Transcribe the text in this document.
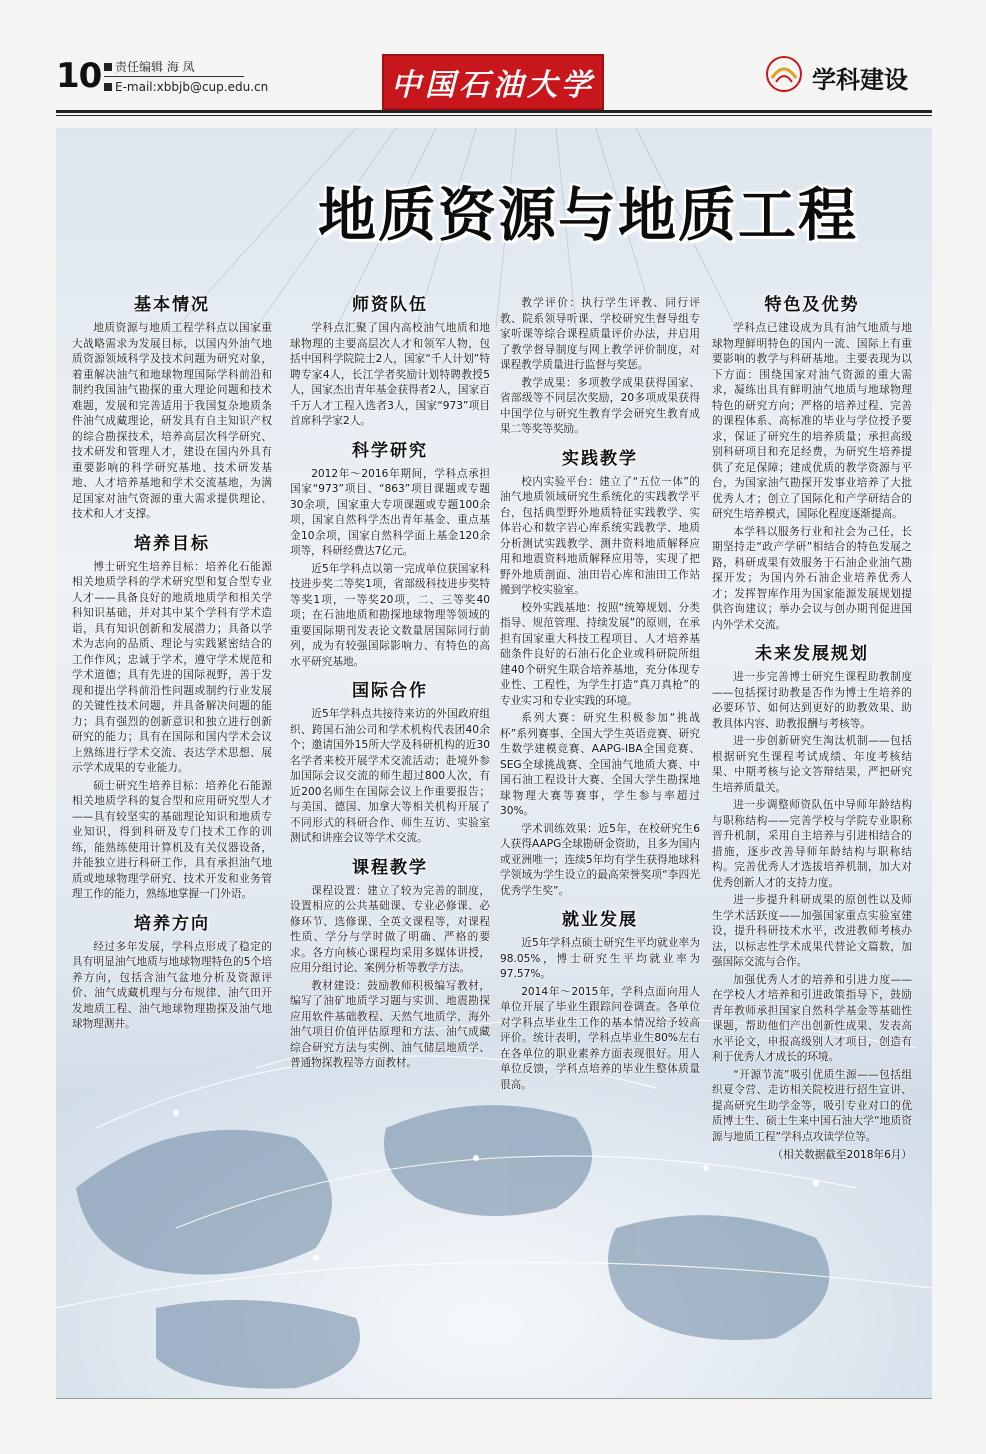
10	责任编辑 海 凤
E-mail:xbbjb@cup.edu.cn	中国石油大学	学科建设
地质资源与地质工程
基本情况

地质资源与地质工程学科点以国家重大战略需求为发展目标，以国内外油气地质资源领域科学及技术问题为研究对象，着重解决油气和地球物理国际学科前沿和制约我国油气勘探的重大理论问题和技术难题，发展和完善适用于我国复杂地质条件油气成藏理论，研发具有自主知识产权的综合勘探技术，培养高层次科学研究、技术研发和管理人才，建设在国内外具有重要影响的科学研究基地、技术研发基地、人才培养基地和学术交流基地，为满足国家对油气资源的重大需求提供理论、技术和人才支撑。

培养目标

博士研究生培养目标：培养化石能源相关地质学科的学术研究型和复合型专业人才——具备良好的地质地质学和相关学科知识基础，并对其中某个学科有学术造诣，具有知识创新和发展潜力；具备以学术为志向的品质、理论与实践紧密结合的工作作风；忠诚于学术，遵守学术规范和学术道德；具有先进的国际视野，善于发现和提出学科前沿性问题或制约行业发展的关键性技术问题，并具备解决问题的能力；具有强烈的创新意识和独立进行创新研究的能力；具有在国际和国内学术会议上熟练进行学术交流、表达学术思想、展示学术成果的专业能力。

硕士研究生培养目标：培养化石能源相关地质学科的复合型和应用研究型人才——具有较坚实的基础理论知识和地质专业知识，得到科研及专门技术工作的训练，能熟练使用计算机及有关仪器设备，并能独立进行科研工作，具有承担油气地质或地球物理学研究、技术开发和业务管理工作的能力，熟练地掌握一门外语。

培养方向

经过多年发展，学科点形成了稳定的具有明显油气地质与地球物理特色的5个培养方向，包括含油气盆地分析及资源评价、油气成藏机理与分布规律、油气田开发地质工程、油气地球物理勘探及油气地球物理测井。

师资队伍

学科点汇聚了国内高校油气地质和地球物理的主要高层次人才和领军人物，包括中国科学院院士2人，国家“千人计划”特聘专家4人，长江学者奖励计划特聘教授5人，国家杰出青年基金获得者2人，国家百千万人才工程入选者3人，国家“973”项目首席科学家2人。

科学研究

2012年～2016年期间，学科点承担国家“973”项目、“863”项目课题或专题30余项，国家重大专项课题或专题100余项，国家自然科学杰出青年基金、重点基金10余项，国家自然科学面上基金120余项等，科研经费达7亿元。

近5年学科点以第一完成单位获国家科技进步奖二等奖1项，省部级科技进步奖特等奖1项，一等奖20项，二、三等奖40项；在石油地质和勘探地球物理等领域的重要国际期刊发表论文数量居国际同行前列，成为有较强国际影响力、有特色的高水平研究基地。

国际合作

近5年学科点共接待来访的外国政府组织、跨国石油公司和学术机构代表团40余个；邀请国外15所大学及科研机构的近30名学者来校开展学术交流活动；赴境外参加国际会议交流的师生超过800人次，有近200名师生在国际会议上作重要报告；与美国、德国、加拿大等相关机构开展了不同形式的科研合作、师生互访、实验室测试和讲座会议等学术交流。

课程教学

课程设置：建立了较为完善的制度，设置相应的公共基础课、专业必修课、必修环节、选修课、全英文课程等，对课程性质、学分与学时做了明确、严格的要求。各方向核心课程均采用多媒体讲授，应用分组讨论、案例分析等教学方法。

教材建设：鼓励教师积极编写教材，编写了油矿地质学习题与实训、地震勘探应用软件基础教程、天然气地质学、海外油气项目价值评估原理和方法、油气成藏综合研究方法与实例、油气储层地质学、普通物探教程等方面教材。

教学评价：执行学生评教、同行评教、院系领导听课、学校研究生督导组专家听课等综合课程质量评价办法，并启用了教学督导制度与网上教学评价制度，对课程教学质量进行监督与奖惩。

教学成果：多项教学成果获得国家、省部级等不同层次奖励，20多项成果获得中国学位与研究生教育学会研究生教育成果二等奖等奖励。

实践教学

校内实验平台：建立了“五位一体”的油气地质领域研究生系统化的实践教学平台，包括典型野外地质特征实践教学、实体岩心和数字岩心库系统实践教学、地质分析测试实践教学、测井资料地质解释应用和地震资料地质解释应用等，实现了把野外地质剖面、油田岩心库和油田工作站搬到学校实验室。

校外实践基地：按照“统筹规划、分类指导、规范管理、持续发展”的原则，在承担有国家重大科技工程项目、人才培养基础条件良好的石油石化企业或科研院所组建40个研究生联合培养基地，充分体现专业性、工程性，为学生打造“真刀真枪”的专业实习和专业实践的环境。

系列大赛：研究生积极参加“挑战杯”系列赛事、全国大学生英语竞赛、研究生数学建模竞赛、AAPG-IBA全国竞赛、SEG全球挑战赛、全国油气地质大赛、中国石油工程设计大赛、全国大学生勘探地球物理大赛等赛事，学生参与率超过30%。

学术训练效果：近5年，在校研究生6人获得AAPG全球勘研金资助，且多为国内或亚洲唯一；连续5年均有学生获得地球科学领域为学生设立的最高荣誉奖项“李四光优秀学生奖”。

就业发展

近5年学科点硕士研究生平均就业率为98.05%，博士研究生平均就业率为97.57%。

2014年～2015年，学科点面向用人单位开展了毕业生跟踪问卷调查。各单位对学科点毕业生工作的基本情况给予较高评价。统计表明，学科点毕业生80%左右在各单位的职业素养方面表现很好。用人单位反馈，学科点培养的毕业生整体质量很高。

特色及优势

学科点已建设成为具有油气地质与地球物理鲜明特色的国内一流、国际上有重要影响的教学与科研基地。主要表现为以下方面：围绕国家对油气资源的重大需求，凝练出具有鲜明油气地质与地球物理特色的研究方向；严格的培养过程、完善的课程体系、高标准的毕业与学位授予要求，保证了研究生的培养质量；承担高级别科研项目和充足经费，为研究生培养提供了充足保障；建成优质的教学资源与平台，为国家油气勘探开发事业培养了大批优秀人才；创立了国际化和产学研结合的研究生培养模式，国际化程度逐渐提高。

本学科以服务行业和社会为己任，长期坚持走“政产学研”相结合的特色发展之路，科研成果有效服务于石油企业油气勘探开发；为国内外石油企业培养优秀人才；发挥智库作用为国家能源发展规划提供咨询建议；举办会议与创办期刊促进国内外学术交流。

未来发展规划

进一步完善博士研究生课程助教制度——包括探讨助教是否作为博士生培养的必要环节、如何达到更好的助教效果、助教具体内容、助教报酬与考核等。

进一步创新研究生淘汰机制——包括根据研究生课程考试成绩、年度考核结果、中期考核与论文答辩结果，严把研究生培养质量关。

进一步调整师资队伍中导师年龄结构与职称结构——完善学校与学院专业职称晋升机制，采用自主培养与引进相结合的措施，逐步改善导师年龄结构与职称结构。完善优秀人才选拔培养机制，加大对优秀创新人才的支持力度。

进一步提升科研成果的原创性以及师生学术活跃度——加强国家重点实验室建设，提升科研技术水平，改进教师考核办法，以标志性学术成果代替论文篇数，加强国际交流与合作。

加强优秀人才的培养和引进力度——在学校人才培养和引进政策指导下，鼓励青年教师承担国家自然科学基金等基础性课题，帮助他们产出创新性成果、发表高水平论文，申报高级别人才项目，创造有利于优秀人才成长的环境。

“开源节流”吸引优质生源——包括组织夏令营、走访相关院校进行招生宣讲、提高研究生助学金等，吸引专业对口的优质博士生、硕士生来中国石油大学“地质资源与地质工程”学科点攻读学位等。

（相关数据截至2018年6月）
